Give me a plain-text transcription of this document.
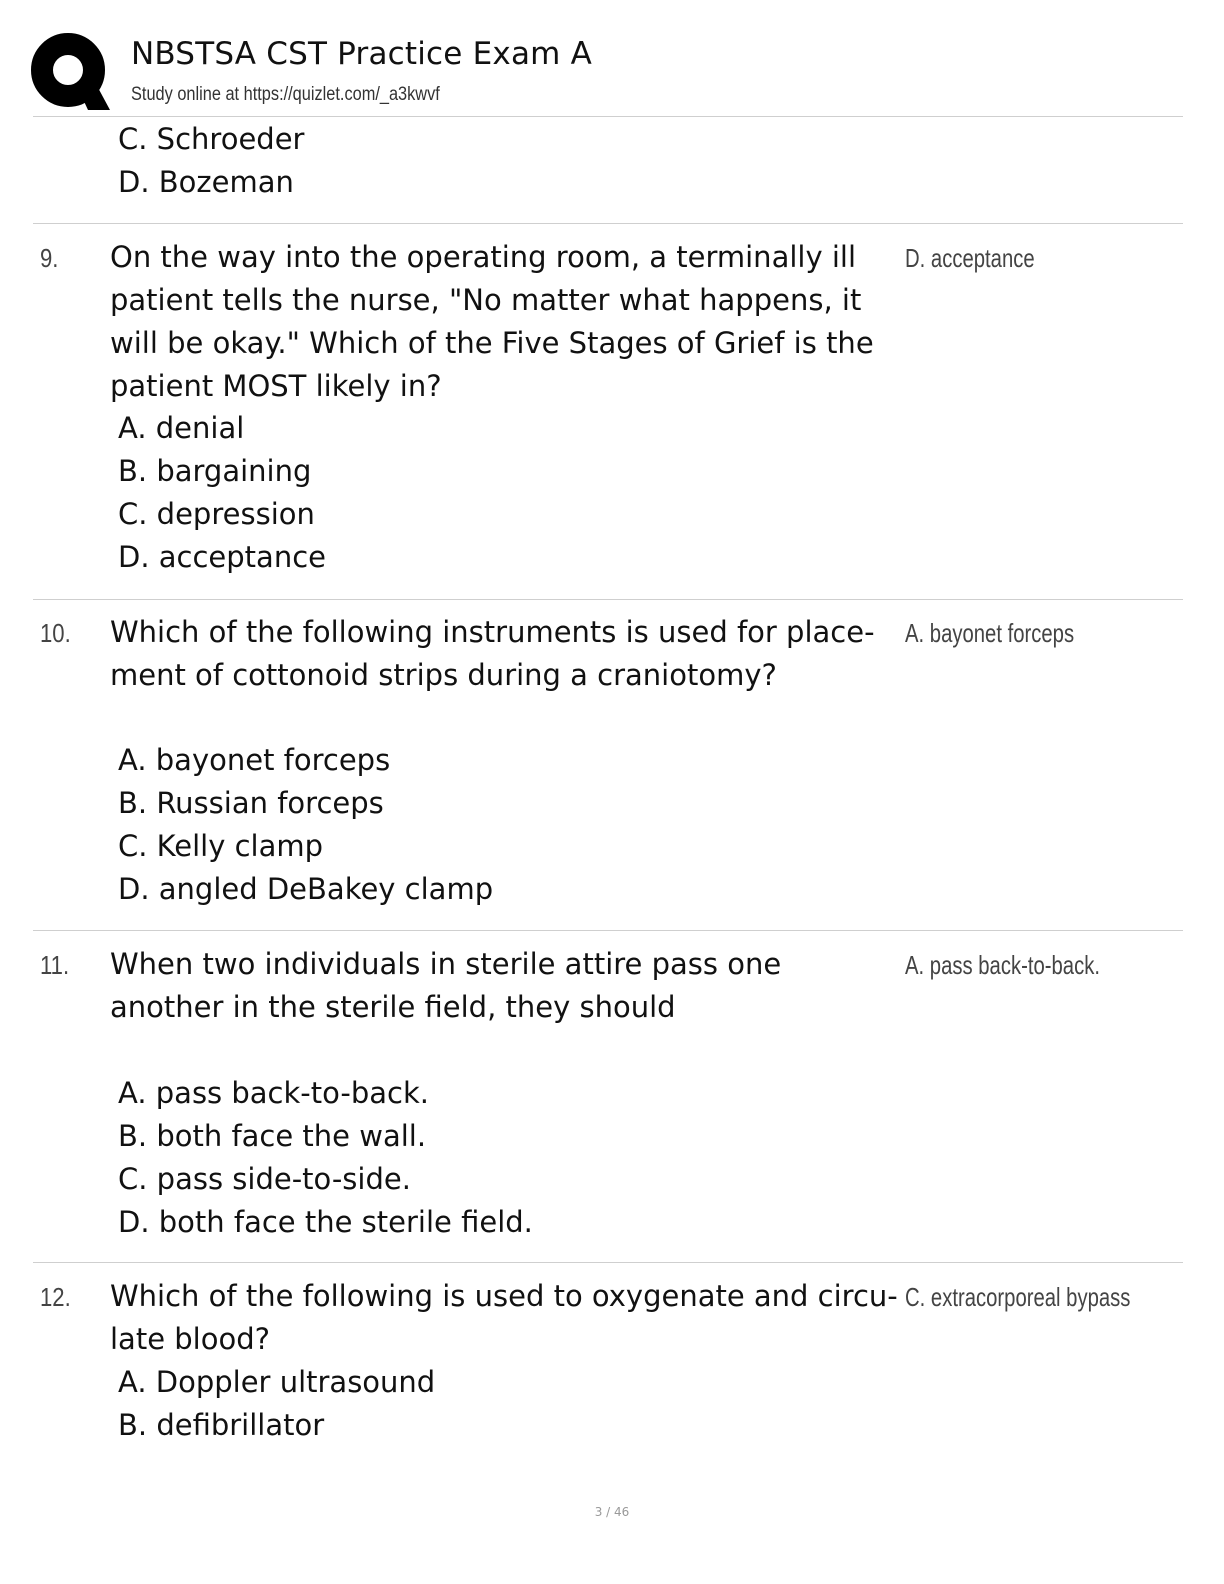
NBSTSA CST Practice Exam A
Study online at https://quizlet.com/_a3kwvf
C. Schroeder
D. Bozeman
9. On the way into the operating room, a terminally ill patient tells the nurse, "No matter what happens, it will be okay." Which of the Five Stages of Grief is the patient MOST likely in?

D. acceptance
A. denial
B. bargaining
C. depression
D. acceptance
10. Which of the following instruments is used for place- ment of cottonoid strips during a craniotomy?

A. bayonet forceps
A. bayonet forceps
B. Russian forceps
C. Kelly clamp
D. angled DeBakey clamp
11. When two individuals in sterile attire pass one another in the sterile field, they should

A. pass back-to-back.
A. pass back-to-back.
B. both face the wall.
C. pass side-to-side.
D. both face the sterile field.
12. Which of the following is used to oxygenate and circu- late blood?

C. extracorporeal bypass
A. Doppler ultrasound
B. defibrillator
3 / 46
